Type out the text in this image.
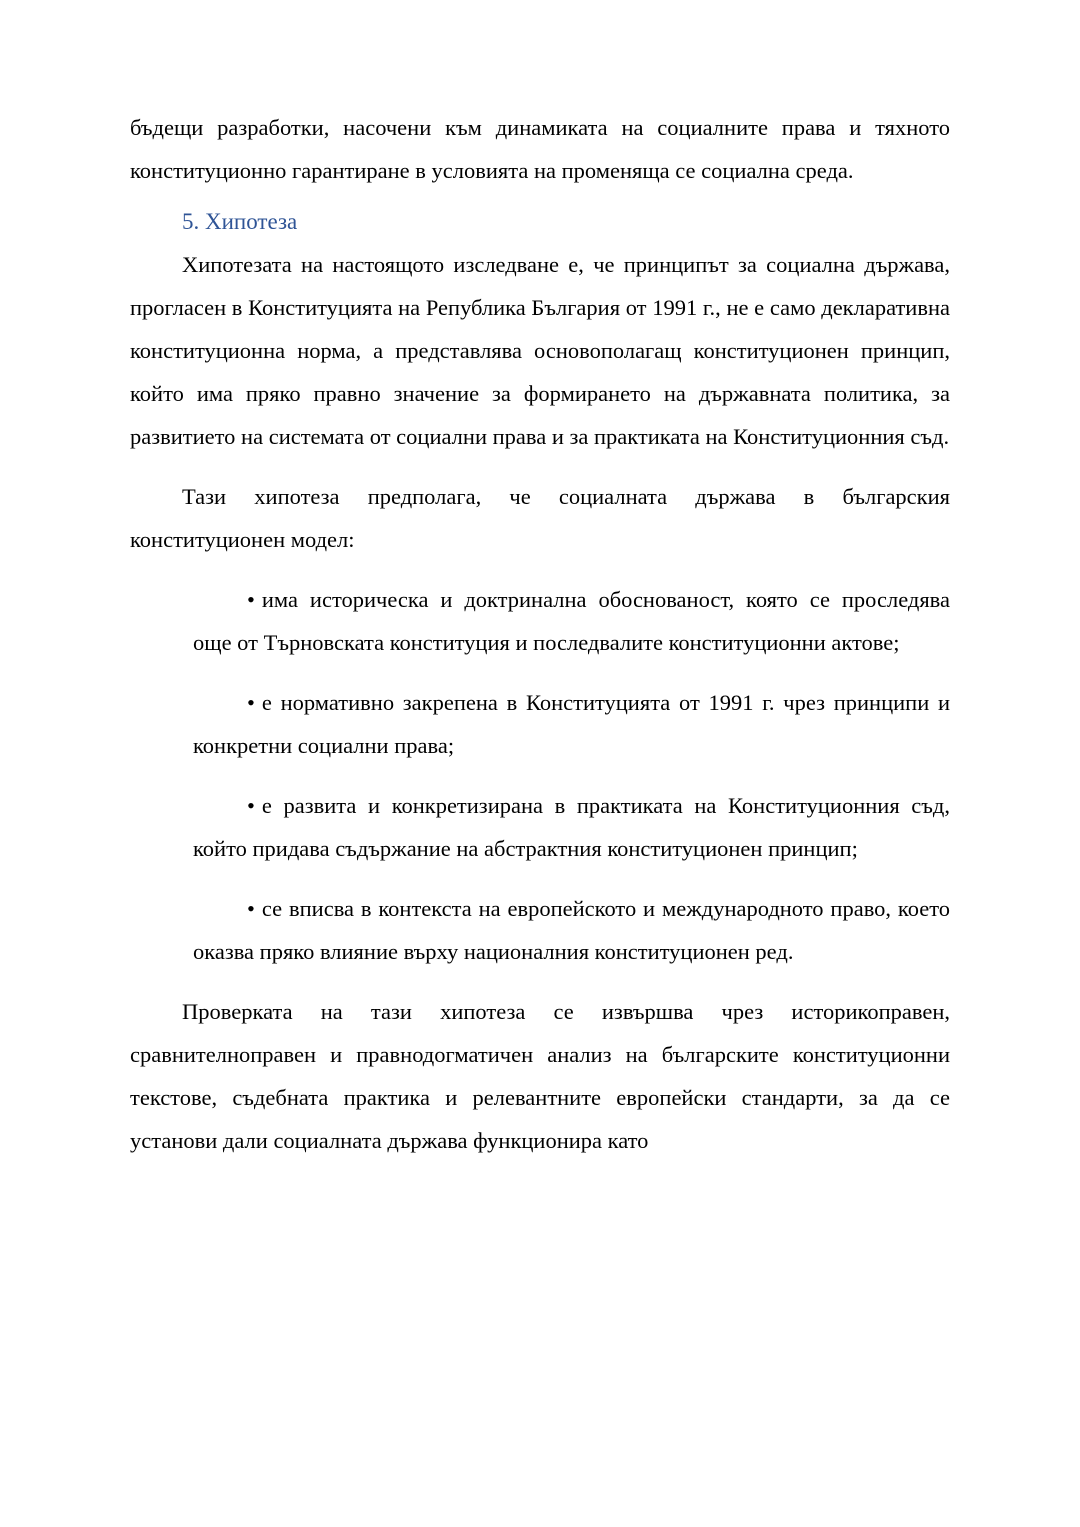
бъдещи разработки, насочени към динамиката на социалните права и тяхното конституционно гарантиране в условията на променяща се социална среда.

5. Хипотеза

Хипотезата на настоящото изследване е, че принципът за социална държава, прогласен в Конституцията на Република България от 1991 г., не е само декларативна конституционна норма, а представлява основополагащ конституционен принцип, който има пряко правно значение за формирането на държавната политика, за развитието на системата от социални права и за практиката на Конституционния съд.

Тази хипотеза предполага, че социалната държава в българския конституционен модел:

• има историческа и доктринална обоснованост, която се проследява още от Търновската конституция и последвалите конституционни актове;
• е нормативно закрепена в Конституцията от 1991 г. чрез принципи и конкретни социални права;
• е развита и конкретизирана в практиката на Конституционния съд, който придава съдържание на абстрактния конституционен принцип;
• се вписва в контекста на европейското и международното право, което оказва пряко влияние върху националния конституционен ред.

Проверката на тази хипотеза се извършва чрез историкоправен, сравнителноправен и правнодогматичен анализ на българските конституционни текстове, съдебната практика и релевантните европейски стандарти, за да се установи дали социалната държава функционира като
